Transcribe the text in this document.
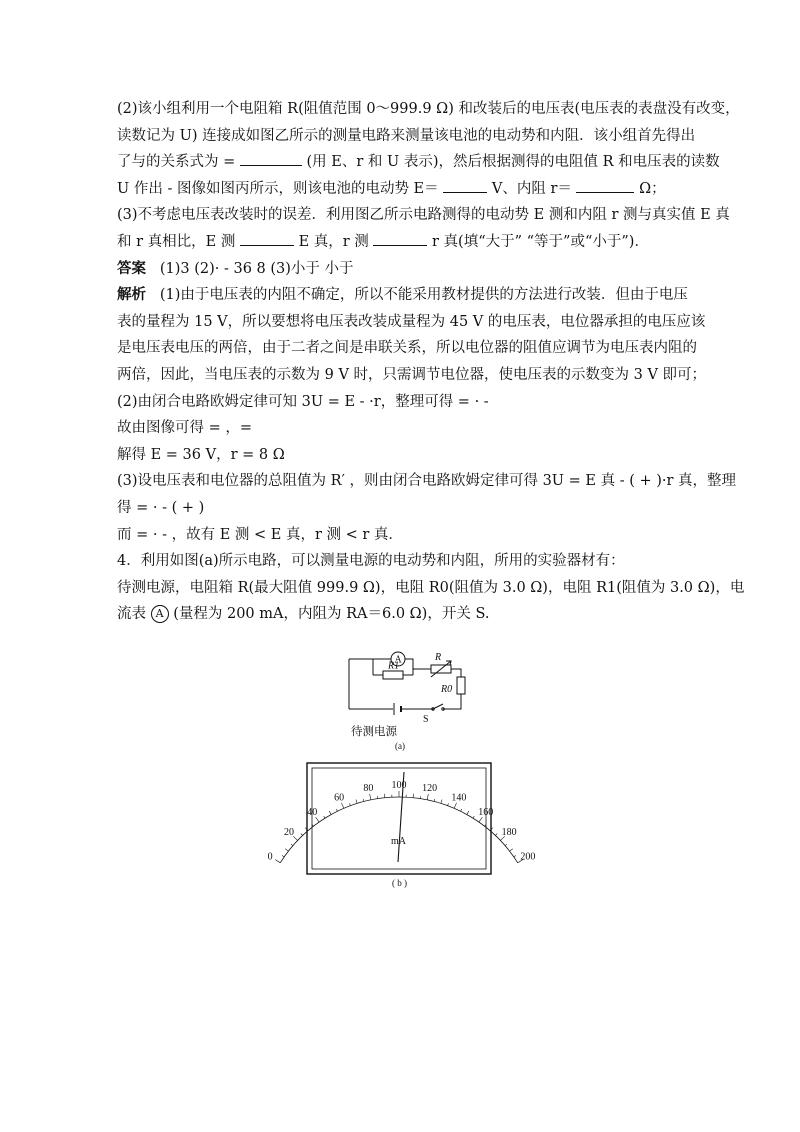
(2)该小组利用一个电阻箱 R(阻值范围 0～999.9 Ω) 和改装后的电压表(电压表的表盘没有改变，
读数记为 U) 连接成如图乙所示的测量电路来测量该电池的电动势和内阻．该小组首先得出
了与的关系式为 =	(用 E、r 和 U 表示)，然后根据测得的电阻值 R 和电压表的读数
U 作出 - 图像如图丙所示，则该电池的电动势 E＝	V、内阻 r＝	Ω；
(3)不考虑电压表改装时的误差．利用图乙所示电路测得的电动势 E 测和内阻 r 测与真实值 E 真
和 r 真相比，E 测	E 真，r 测	r 真(填“大于” “等于”或“小于”)．
答案 (1)3 (2)· - 36 8 (3)小于 小于
解析 (1)由于电压表的内阻不确定，所以不能采用教材提供的方法进行改装．但由于电压
表的量程为 15 V，所以要想将电压表改装成量程为 45 V 的电压表，电位器承担的电压应该
是电压表电压的两倍，由于二者之间是串联关系，所以电位器的阻值应调节为电压表内阻的
两倍，因此，当电压表的示数为 9 V 时，只需调节电位器，使电压表的示数变为 3 V 即可；
(2)由闭合电路欧姆定律可知 3U = E - ·r，整理可得 = · -
故由图像可得 = ，=
解得 E = 36 V，r = 8 Ω
(3)设电压表和电位器的总阻值为 R′ ，则由闭合电路欧姆定律可得 3U = E 真 - ( + )·r 真，整理
得 = · - ( + )
而 = · - ，故有 E 测 < E 真，r 测 < r 真．
4．利用如图(a)所示电路，可以测量电源的电动势和内阻，所用的实验器材有：
待测电源，电阻箱 R(最大阻值 999.9 Ω)，电阻 R0(阻值为 3.0 Ω)，电阻 R1(阻值为 3.0 Ω)，电
流表 A (量程为 200 mA，内阻为 RA＝6.0 Ω)，开关 S.
A
R1
R
R0
S
待测电源
(a)
0
20
40
60
80 100 120
140
160
180
200
mA
( b )
